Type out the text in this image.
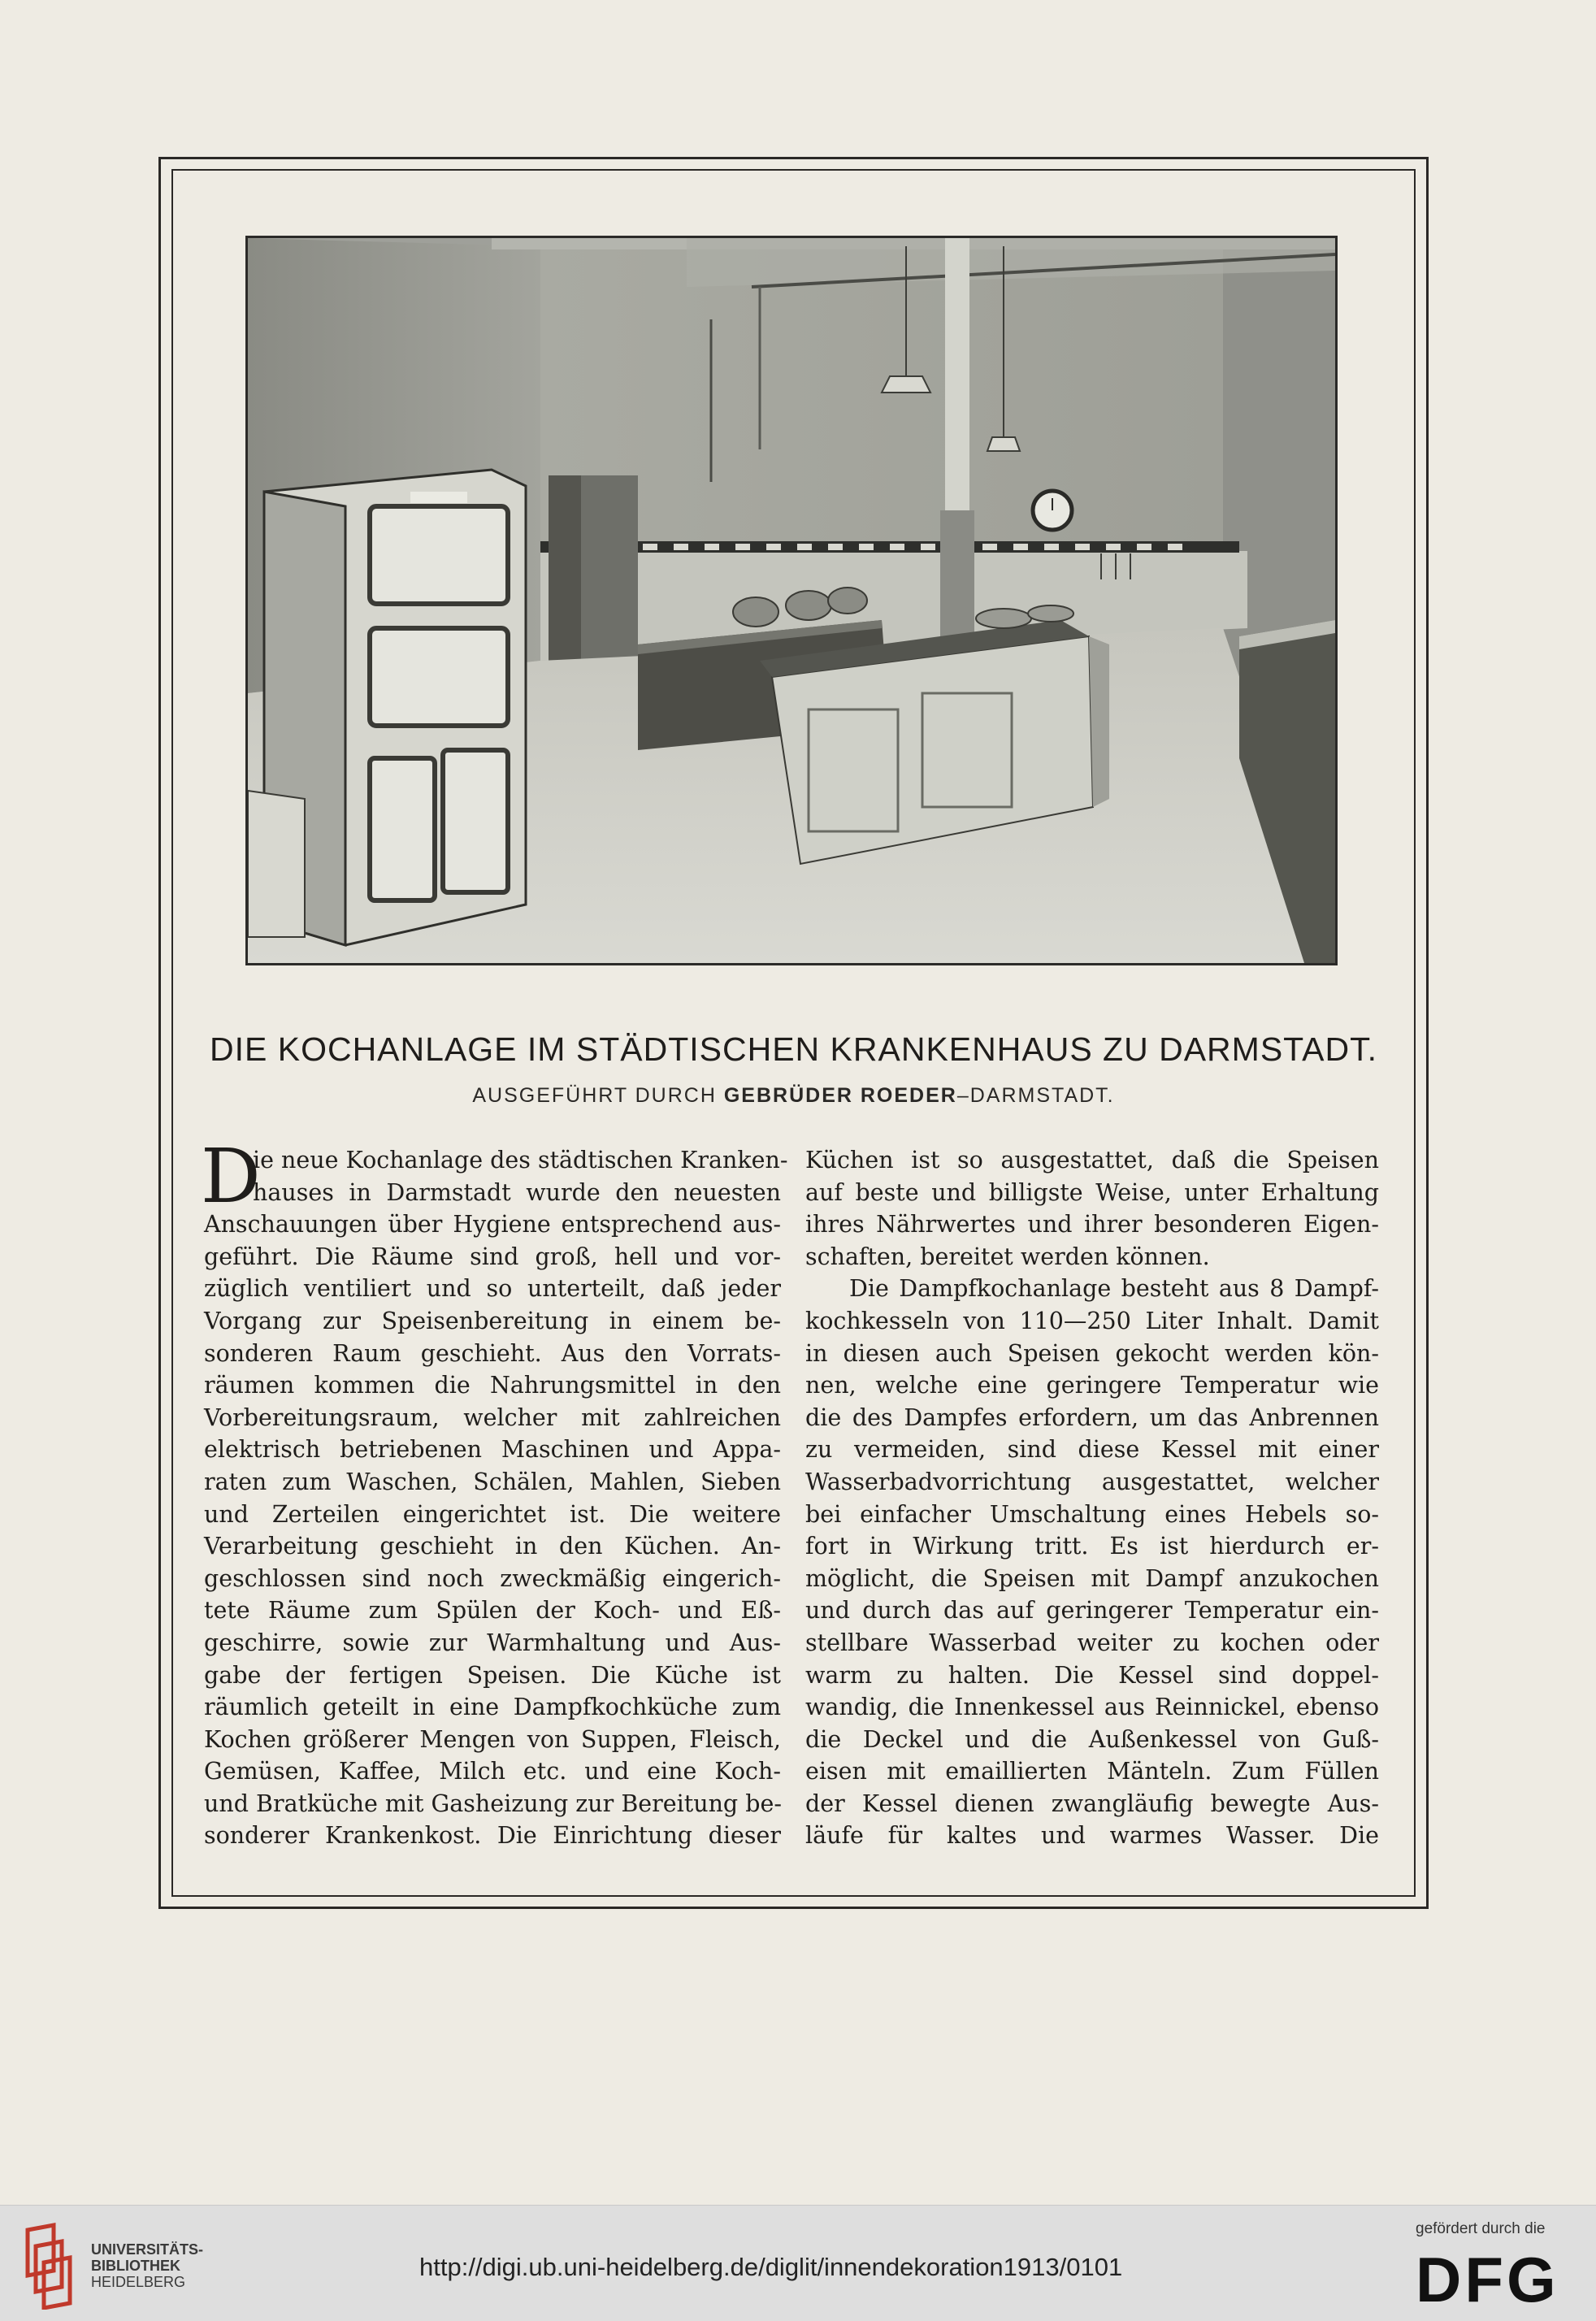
DIE KOCHANLAGE IM STÄDTISCHEN KRANKENHAUS ZU DARMSTADT.
AUSGEFÜHRT DURCH GEBRÜDER ROEDER–DARMSTADT.
D
ie neue Kochanlage des städtischen Kranken-
hauses in Darmstadt wurde den neuesten
Anschauungen über Hygiene entsprechend aus-
geführt. Die Räume sind groß, hell und vor-
züglich ventiliert und so unterteilt, daß jeder
Vorgang zur Speisenbereitung in einem be-
sonderen Raum geschieht. Aus den Vorrats-
räumen kommen die Nahrungsmittel in den
Vorbereitungsraum, welcher mit zahlreichen
elektrisch betriebenen Maschinen und Appa-
raten zum Waschen, Schälen, Mahlen, Sieben
und Zerteilen eingerichtet ist. Die weitere
Verarbeitung geschieht in den Küchen. An-
geschlossen sind noch zweckmäßig eingerich-
tete Räume zum Spülen der Koch- und Eß-
geschirre, sowie zur Warmhaltung und Aus-
gabe der fertigen Speisen. Die Küche ist
räumlich geteilt in eine Dampfkochküche zum
Kochen größerer Mengen von Suppen, Fleisch,
Gemüsen, Kaffee, Milch etc. und eine Koch-
und Bratküche mit Gasheizung zur Bereitung be-
sonderer Krankenkost. Die Einrichtung dieser
Küchen ist so ausgestattet, daß die Speisen
auf beste und billigste Weise, unter Erhaltung
ihres Nährwertes und ihrer besonderen Eigen-
schaften, bereitet werden können.
Die Dampfkochanlage besteht aus 8 Dampf-
kochkesseln von 110—250 Liter Inhalt. Damit
in diesen auch Speisen gekocht werden kön-
nen, welche eine geringere Temperatur wie
die des Dampfes erfordern, um das Anbrennen
zu vermeiden, sind diese Kessel mit einer
Wasserbadvorrichtung ausgestattet, welcher
bei einfacher Umschaltung eines Hebels so-
fort in Wirkung tritt. Es ist hierdurch er-
möglicht, die Speisen mit Dampf anzukochen
und durch das auf geringerer Temperatur ein-
stellbare Wasserbad weiter zu kochen oder
warm zu halten. Die Kessel sind doppel-
wandig, die Innenkessel aus Reinnickel, ebenso
die Deckel und die Außenkessel von Guß-
eisen mit emaillierten Mänteln. Zum Füllen
der Kessel dienen zwangläufig bewegte Aus-
läufe für kaltes und warmes Wasser. Die
UNIVERSITÄTS-
BIBLIOTHEK
HEIDELBERG
http://digi.ub.uni-heidelberg.de/diglit/innendekoration1913/0101
gefördert durch die
DFG
